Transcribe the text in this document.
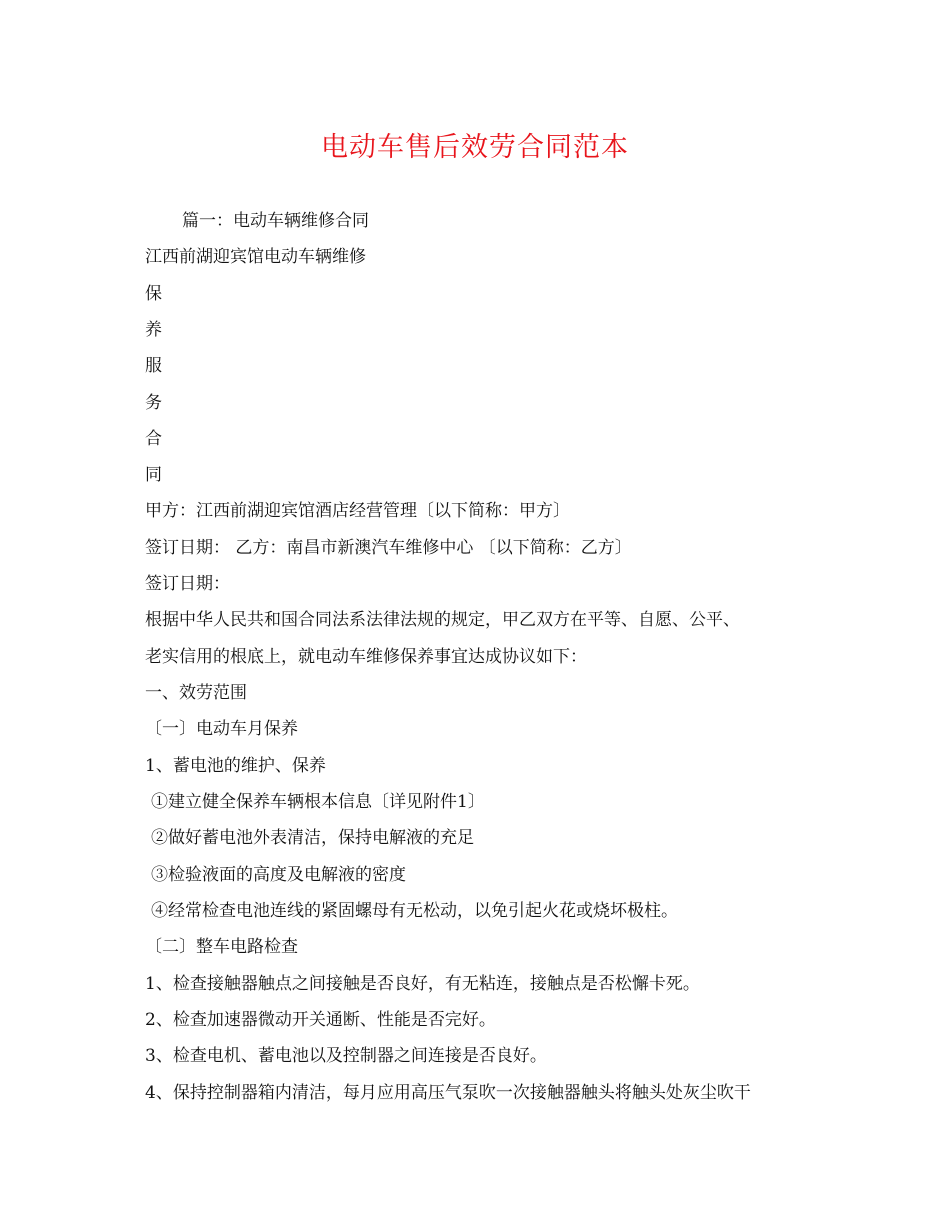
电动车售后效劳合同范本
篇一：电动车辆维修合同
江西前湖迎宾馆电动车辆维修
保
养
服
务
合
同
甲方：江西前湖迎宾馆酒店经营管理〔以下简称：甲方〕
签订日期： 乙方：南昌市新澳汽车维修中心 〔以下简称：乙方〕
签订日期：
根据中华人民共和国合同法系法律法规的规定，甲乙双方在平等、自愿、公平、
老实信用的根底上，就电动车维修保养事宜达成协议如下：
一、效劳范围
〔一〕电动车月保养
1、蓄电池的维护、保养
①建立健全保养车辆根本信息〔详见附件1〕
②做好蓄电池外表清洁，保持电解液的充足
③检验液面的高度及电解液的密度
④经常检查电池连线的紧固螺母有无松动，以免引起火花或烧坏极柱。
〔二〕整车电路检查
1、检查接触器触点之间接触是否良好，有无粘连，接触点是否松懈卡死。
2、检查加速器微动开关通断、性能是否完好。
3、检查电机、蓄电池以及控制器之间连接是否良好。
4、保持控制器箱内清洁，每月应用高压气泵吹一次接触器触头将触头处灰尘吹干
